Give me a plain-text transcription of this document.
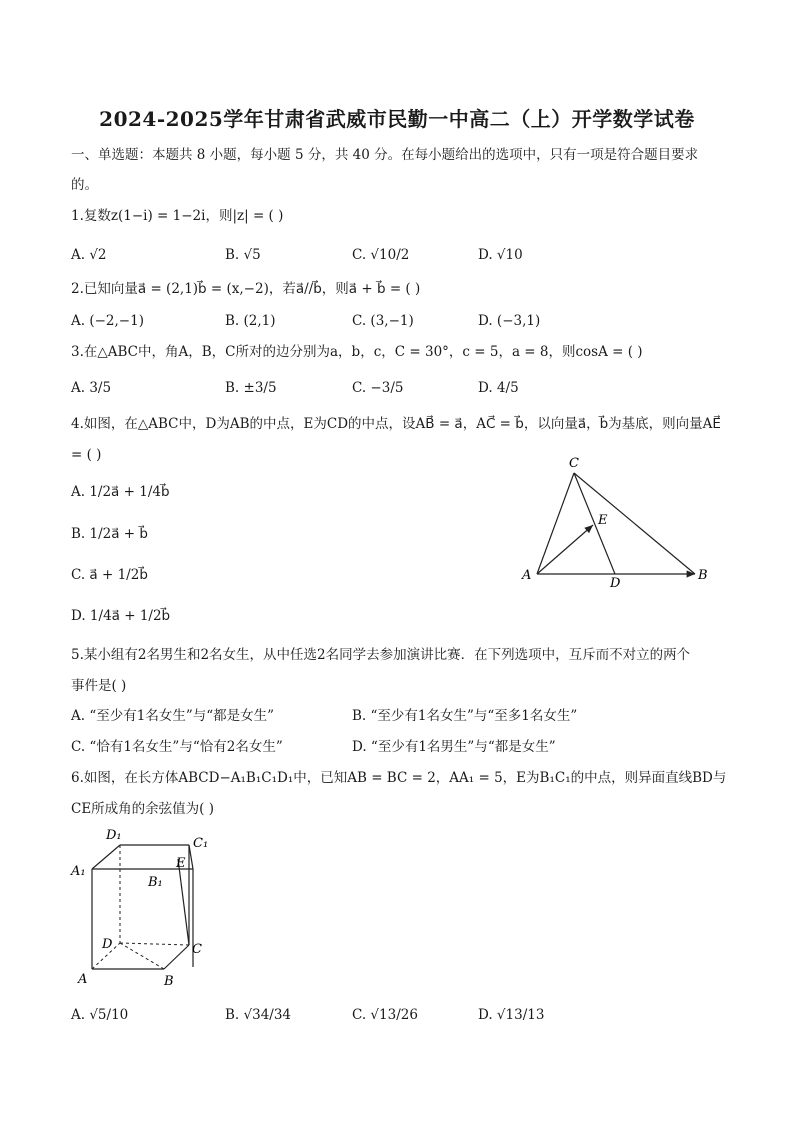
2024-2025学年甘肃省武威市民勤一中高二（上）开学数学试卷
一、单选题：本题共 8 小题，每小题 5 分，共 40 分。在每小题给出的选项中，只有一项是符合题目要求
的。
1.复数z(1−i) = 1−2i，则|z| = ( )
A. √2	B. √5	C. √10/2	D. √10
2.已知向量a⃗ = (2,1)b⃗ = (x,−2)，若a⃗//b⃗，则a⃗ + b⃗ = ( )
A. (−2,−1)	B. (2,1)	C. (3,−1)	D. (−3,1)
3.在△ABC中，角A，B，C所对的边分别为a，b，c，C = 30°，c = 5，a = 8，则cosA = ( )
A. 3/5	B. ±3/5	C. −3/5	D. 4/5
4.如图，在△ABC中，D为AB的中点，E为CD的中点，设AB⃗ = a⃗，AC⃗ = b⃗，以向量a⃗，b⃗为基底，则向量AE⃗
= ( )
A. 1/2a⃗ + 1/4b⃗
B. 1/2a⃗ + b⃗
C. a⃗ + 1/2b⃗
D. 1/4a⃗ + 1/2b⃗
C
E
A
D
B
5.某小组有2名男生和2名女生，从中任选2名同学去参加演讲比赛．在下列选项中，互斥而不对立的两个
事件是( )
A. “至少有1名女生”与“都是女生”	B. “至少有1名女生”与“至多1名女生”
C. “恰有1名女生”与“恰有2名女生”	D. “至少有1名男生”与“都是女生”
6.如图，在长方体ABCD−A₁B₁C₁D₁中，已知AB = BC = 2，AA₁ = 5，E为B₁C₁的中点，则异面直线BD与
CE所成角的余弦值为( )
D₁
C₁
A₁
E
B₁
D	C
A	B
A. √5/10	B. √34/34	C. √13/26	D. √13/13
